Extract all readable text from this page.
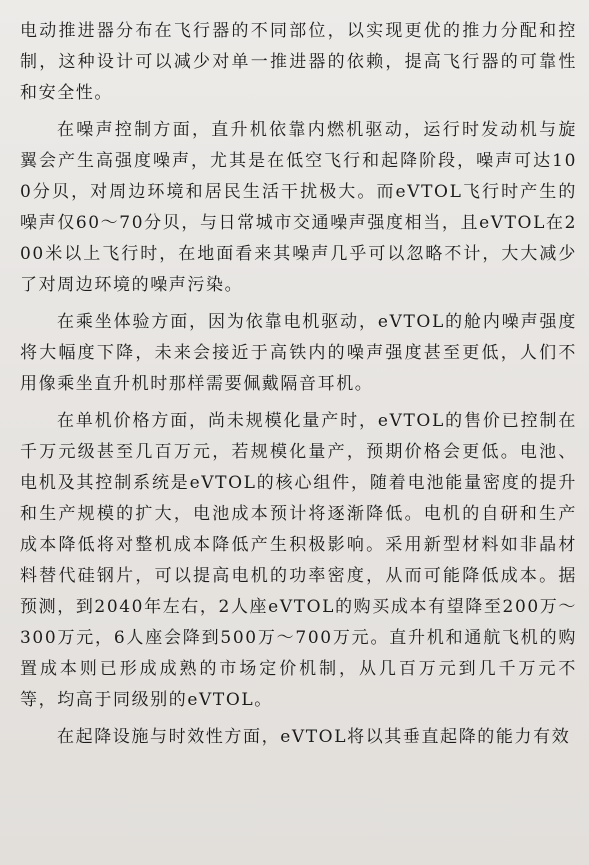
电动推进器分布在飞行器的不同部位，以实现更优的推力分配和控制，这种设计可以减少对单一推进器的依赖，提高飞行器的可靠性和安全性。

在噪声控制方面，直升机依靠内燃机驱动，运行时发动机与旋翼会产生高强度噪声，尤其是在低空飞行和起降阶段，噪声可达100分贝，对周边环境和居民生活干扰极大。而eVTOL飞行时产生的噪声仅60～70分贝，与日常城市交通噪声强度相当，且eVTOL在200米以上飞行时，在地面看来其噪声几乎可以忽略不计，大大减少了对周边环境的噪声污染。

在乘坐体验方面，因为依靠电机驱动，eVTOL的舱内噪声强度将大幅度下降，未来会接近于高铁内的噪声强度甚至更低，人们不用像乘坐直升机时那样需要佩戴隔音耳机。

在单机价格方面，尚未规模化量产时，eVTOL的售价已控制在千万元级甚至几百万元，若规模化量产，预期价格会更低。电池、电机及其控制系统是eVTOL的核心组件，随着电池能量密度的提升和生产规模的扩大，电池成本预计将逐渐降低。电机的自研和生产成本降低将对整机成本降低产生积极影响。采用新型材料如非晶材料替代硅钢片，可以提高电机的功率密度，从而可能降低成本。据预测，到2040年左右，2人座eVTOL的购买成本有望降至200万～300万元，6人座会降到500万～700万元。直升机和通航飞机的购置成本则已形成成熟的市场定价机制，从几百万元到几千万元不等，均高于同级别的eVTOL。

在起降设施与时效性方面，eVTOL将以其垂直起降的能力有效
